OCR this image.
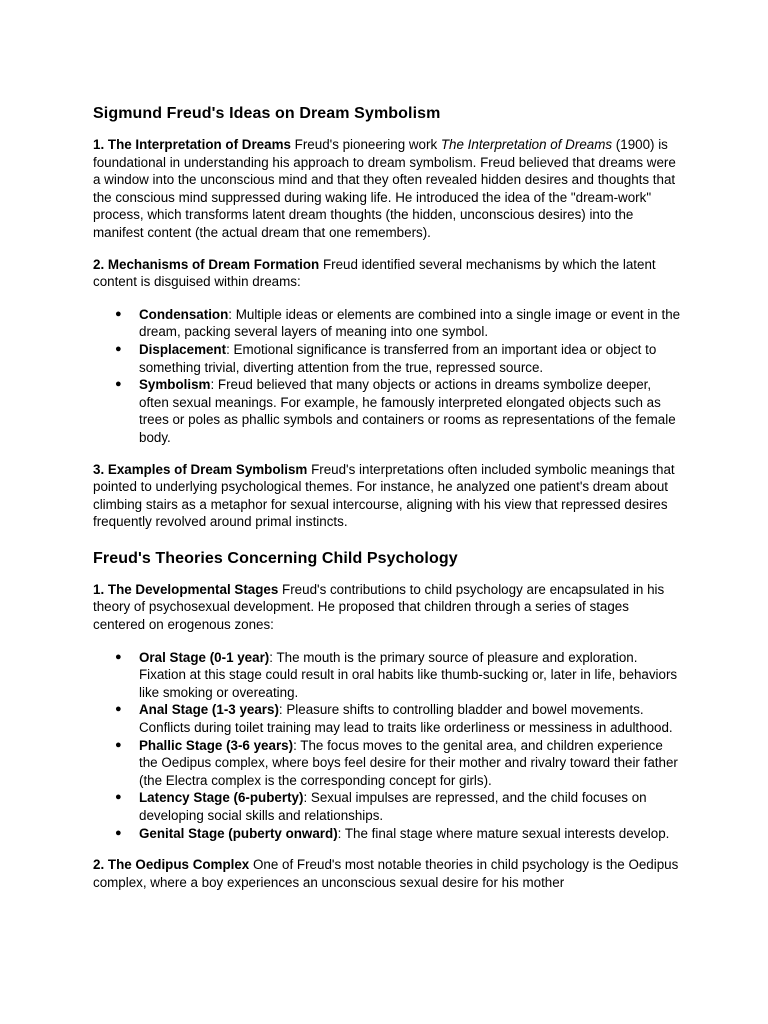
Sigmund Freud's Ideas on Dream Symbolism

1. The Interpretation of Dreams Freud's pioneering work The Interpretation of Dreams (1900) is foundational in understanding his approach to dream symbolism. Freud believed that dreams were a window into the unconscious mind and that they often revealed hidden desires and thoughts that the conscious mind suppressed during waking life. He introduced the idea of the "dream-work" process, which transforms latent dream thoughts (the hidden, unconscious desires) into the manifest content (the actual dream that one remembers).

2. Mechanisms of Dream Formation Freud identified several mechanisms by which the latent content is disguised within dreams:

● Condensation: Multiple ideas or elements are combined into a single image or event in the dream, packing several layers of meaning into one symbol.
● Displacement: Emotional significance is transferred from an important idea or object to something trivial, diverting attention from the true, repressed source.
● Symbolism: Freud believed that many objects or actions in dreams symbolize deeper, often sexual meanings. For example, he famously interpreted elongated objects such as trees or poles as phallic symbols and containers or rooms as representations of the female body.

3. Examples of Dream Symbolism Freud's interpretations often included symbolic meanings that pointed to underlying psychological themes. For instance, he analyzed one patient's dream about climbing stairs as a metaphor for sexual intercourse, aligning with his view that repressed desires frequently revolved around primal instincts.

Freud's Theories Concerning Child Psychology

1. The Developmental Stages Freud's contributions to child psychology are encapsulated in his theory of psychosexual development. He proposed that children through a series of stages centered on erogenous zones:

● Oral Stage (0-1 year): The mouth is the primary source of pleasure and exploration. Fixation at this stage could result in oral habits like thumb-sucking or, later in life, behaviors like smoking or overeating.
● Anal Stage (1-3 years): Pleasure shifts to controlling bladder and bowel movements. Conflicts during toilet training may lead to traits like orderliness or messiness in adulthood.
● Phallic Stage (3-6 years): The focus moves to the genital area, and children experience the Oedipus complex, where boys feel desire for their mother and rivalry toward their father (the Electra complex is the corresponding concept for girls).
● Latency Stage (6-puberty): Sexual impulses are repressed, and the child focuses on developing social skills and relationships.
● Genital Stage (puberty onward): The final stage where mature sexual interests develop.

2. The Oedipus Complex One of Freud's most notable theories in child psychology is the Oedipus complex, where a boy experiences an unconscious sexual desire for his mother
